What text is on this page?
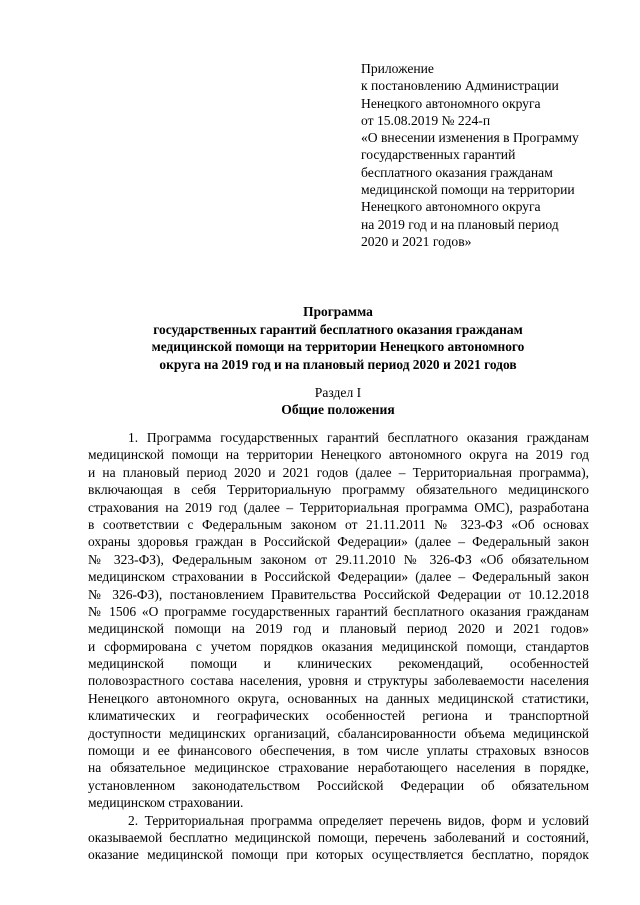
Приложение
к постановлению Администрации
Ненецкого автономного округа
от 15.08.2019 № 224-п
«О внесении изменения в Программу
государственных гарантий
бесплатного оказания гражданам
медицинской помощи на территории
Ненецкого автономного округа
на 2019 год и на плановый период
2020 и 2021 годов»
Программа
государственных гарантий бесплатного оказания гражданам
медицинской помощи на территории Ненецкого автономного
округа на 2019 год и на плановый период 2020 и 2021 годов
Раздел I
Общие положения
1. Программа государственных гарантий бесплатного оказания гражданам
медицинской помощи на территории Ненецкого автономного округа на 2019 год
и на плановый период 2020 и 2021 годов (далее – Территориальная программа),
включающая в себя Территориальную программу обязательного медицинского
страхования на 2019 год (далее – Территориальная программа ОМС), разработана
в соответствии с Федеральным законом от 21.11.2011 № 323-ФЗ «Об основах
охраны здоровья граждан в Российской Федерации» (далее – Федеральный закон
№ 323-ФЗ), Федеральным законом от 29.11.2010 № 326-ФЗ «Об обязательном
медицинском страховании в Российской Федерации» (далее – Федеральный закон
№ 326-ФЗ), постановлением Правительства Российской Федерации от 10.12.2018
№ 1506 «О программе государственных гарантий бесплатного оказания гражданам
медицинской помощи на 2019 год и плановый период 2020 и 2021 годов»
и сформирована с учетом порядков оказания медицинской помощи, стандартов
медицинской помощи и клинических рекомендаций, особенностей
половозрастного состава населения, уровня и структуры заболеваемости населения
Ненецкого автономного округа, основанных на данных медицинской статистики,
климатических и географических особенностей региона и транспортной
доступности медицинских организаций, сбалансированности объема медицинской
помощи и ее финансового обеспечения, в том числе уплаты страховых взносов
на обязательное медицинское страхование неработающего населения в порядке,
установленном законодательством Российской Федерации об обязательном
медицинском страховании.
2. Территориальная программа определяет перечень видов, форм и условий
оказываемой бесплатно медицинской помощи, перечень заболеваний и состояний,
оказание медицинской помощи при которых осуществляется бесплатно, порядок
